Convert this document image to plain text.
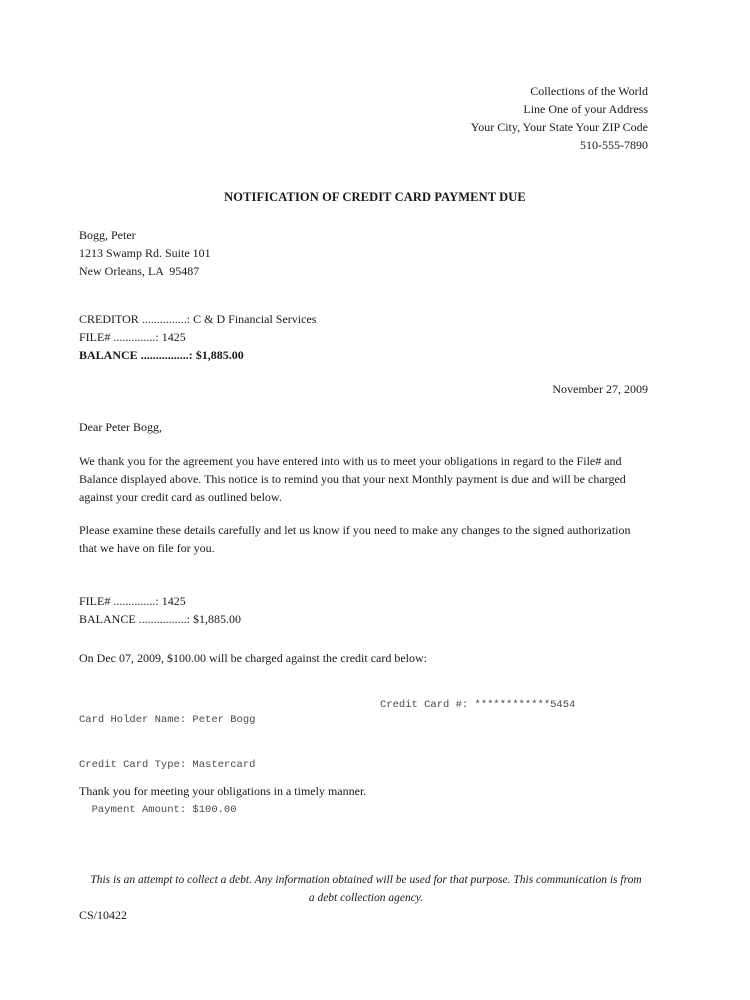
Collections of the World
Line One of your Address
Your City, Your State Your ZIP Code
510-555-7890
NOTIFICATION OF CREDIT CARD PAYMENT DUE
Bogg, Peter
1213 Swamp Rd. Suite 101
New Orleans, LA  95487
CREDITOR ...............: C & D Financial Services
FILE# ..............: 1425
BALANCE ................: $1,885.00
November 27, 2009
Dear Peter Bogg,
We thank you for the agreement you have entered into with us to meet your obligations in regard to the File# and Balance displayed above. This notice is to remind you that your next Monthly payment is due and will be charged against your credit card as outlined below.
Please examine these details carefully and let us know if you need to make any changes to the signed authorization that we have on file for you.
FILE# ..............: 1425
BALANCE ................: $1,885.00
On Dec 07, 2009, $100.00 will be charged against the credit card below:

Card Holder Name: Peter Bogg

Credit Card Type: Mastercard

Payment Amount: $100.00

Credit Card #: ************5454
Thank you for meeting your obligations in a timely manner.
This is an attempt to collect a debt. Any information obtained will be used for that purpose. This communication is from a debt collection agency.
CS/10422
